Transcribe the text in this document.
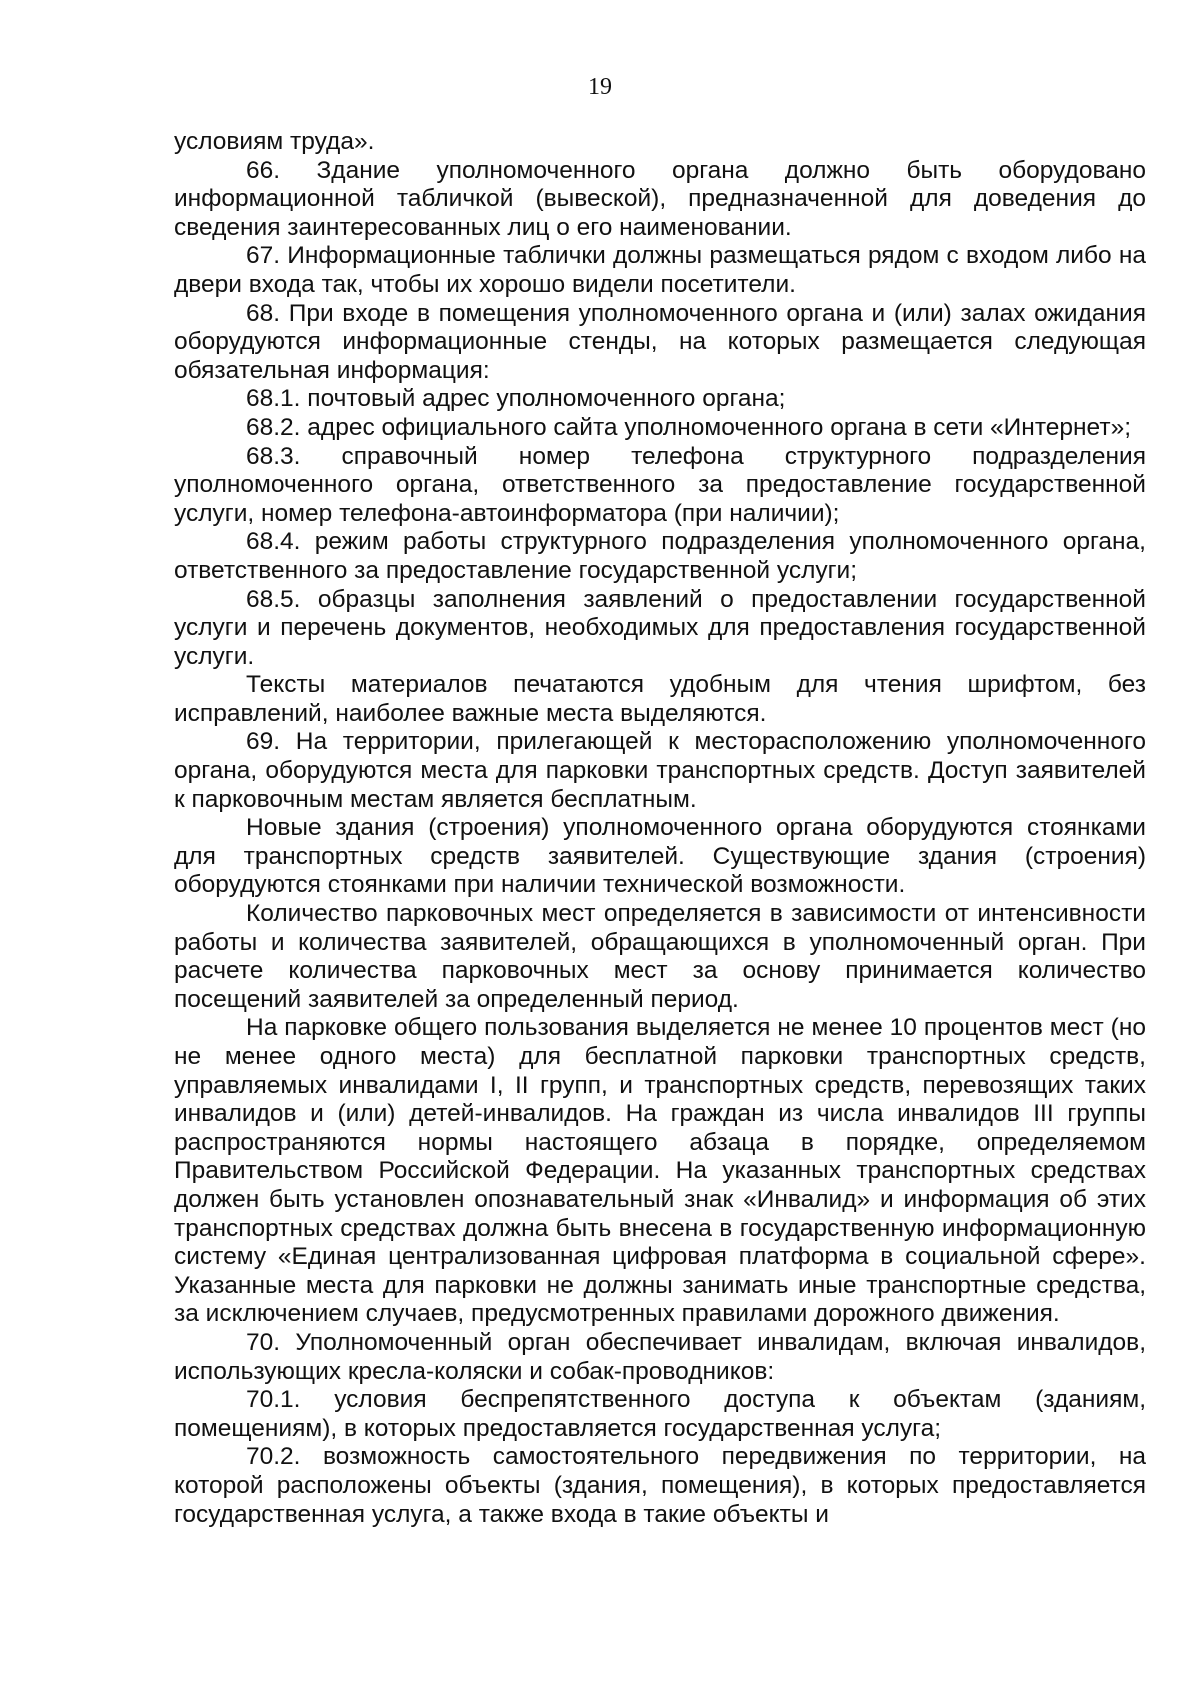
19

условиям труда».

66. Здание уполномоченного органа должно быть оборудовано информационной табличкой (вывеской), предназначенной для доведения до сведения заинтересованных лиц о его наименовании.

67. Информационные таблички должны размещаться рядом с входом либо на двери входа так, чтобы их хорошо видели посетители.

68. При входе в помещения уполномоченного органа и (или) залах ожидания оборудуются информационные стенды, на которых размещается следующая обязательная информация:

68.1. почтовый адрес уполномоченного органа;

68.2. адрес официального сайта уполномоченного органа в сети «Интернет»;

68.3. справочный номер телефона структурного подразделения уполномоченного органа, ответственного за предоставление государственной услуги, номер телефона-автоинформатора (при наличии);

68.4. режим работы структурного подразделения уполномоченного органа, ответственного за предоставление государственной услуги;

68.5. образцы заполнения заявлений о предоставлении государственной услуги и перечень документов, необходимых для предоставления государственной услуги.

Тексты материалов печатаются удобным для чтения шрифтом, без исправлений, наиболее важные места выделяются.

69. На территории, прилегающей к месторасположению уполномоченного органа, оборудуются места для парковки транспортных средств. Доступ заявителей к парковочным местам является бесплатным.

Новые здания (строения) уполномоченного органа оборудуются стоянками для транспортных средств заявителей. Существующие здания (строения) оборудуются стоянками при наличии технической возможности.

Количество парковочных мест определяется в зависимости от интенсивности работы и количества заявителей, обращающихся в уполномоченный орган. При расчете количества парковочных мест за основу принимается количество посещений заявителей за определенный период.

На парковке общего пользования выделяется не менее 10 процентов мест (но не менее одного места) для бесплатной парковки транспортных средств, управляемых инвалидами I, II групп, и транспортных средств, перевозящих таких инвалидов и (или) детей-инвалидов. На граждан из числа инвалидов III группы распространяются нормы настоящего абзаца в порядке, определяемом Правительством Российской Федерации. На указанных транспортных средствах должен быть установлен опознавательный знак «Инвалид» и информация об этих транспортных средствах должна быть внесена в государственную информационную систему «Единая централизованная цифровая платформа в социальной сфере». Указанные места для парковки не должны занимать иные транспортные средства, за исключением случаев, предусмотренных правилами дорожного движения.

70. Уполномоченный орган обеспечивает инвалидам, включая инвалидов, использующих кресла-коляски и собак-проводников:

70.1. условия беспрепятственного доступа к объектам (зданиям, помещениям), в которых предоставляется государственная услуга;

70.2. возможность самостоятельного передвижения по территории, на которой расположены объекты (здания, помещения), в которых предоставляется государственная услуга, а также входа в такие объекты и
